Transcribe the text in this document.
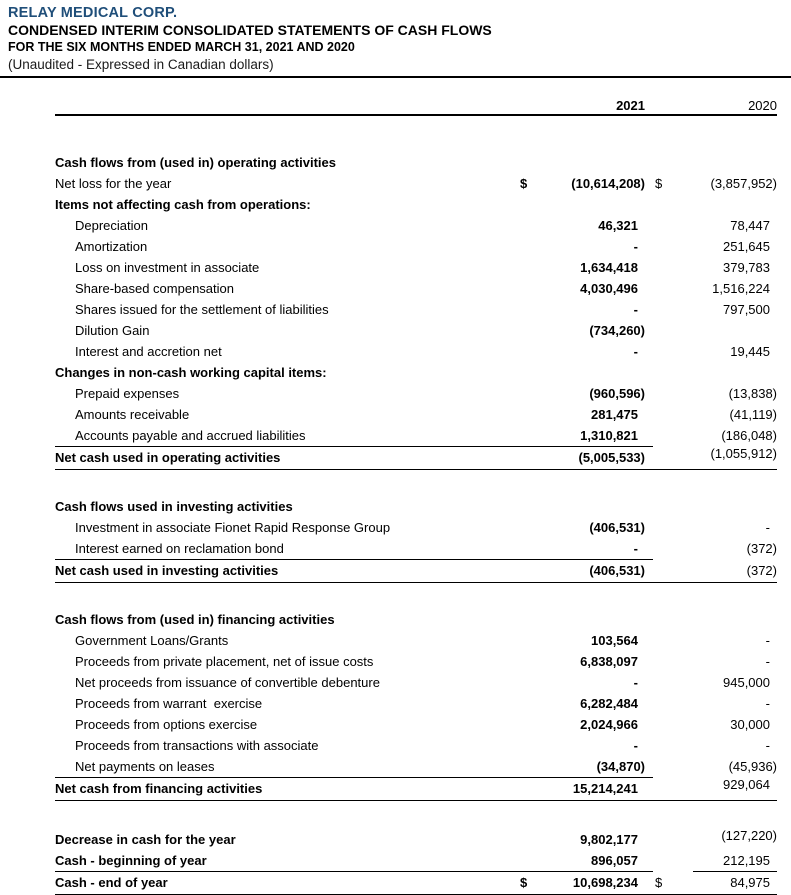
RELAY MEDICAL CORP.
CONDENSED INTERIM CONSOLIDATED STATEMENTS OF CASH FLOWS
FOR THE SIX MONTHS ENDED MARCH 31, 2021 AND 2020
(Unaudited - Expressed in Canadian dollars)
2021	2020
Cash flows from (used in) operating activities
Net loss for the year	$	(10,614,208) $	(3,857,952)
Items not affecting cash from operations:
Depreciation	46,321	78,447
Amortization	-	251,645
Loss on investment in associate	1,634,418	379,783
Share-based compensation	4,030,496	1,516,224
Shares issued for the settlement of liabilities	-	797,500
Dilution Gain	(734,260)
Interest and accretion net	-	19,445
Changes in non-cash working capital items:
Prepaid expenses	(960,596)	(13,838)
Amounts receivable	281,475	(41,119)
Accounts payable and accrued liabilities	1,310,821	(186,048)
Net cash used in operating activities	(5,005,533)	(1,055,912)
Cash flows used in investing activities
Investment in associate Fionet Rapid Response Group	(406,531)	-
Interest earned on reclamation bond	-	(372)
Net cash used in investing activities	(406,531)	(372)
Cash flows from (used in) financing activities
Government Loans/Grants	103,564	-
Proceeds from private placement, net of issue costs	6,838,097	-
Net proceeds from issuance of convertible debenture	-	945,000
Proceeds from warrant  exercise	6,282,484	-
Proceeds from options exercise	2,024,966	30,000
Proceeds from transactions with associate	-	-
Net payments on leases	(34,870)	(45,936)
Net cash from financing activities	15,214,241	929,064
Decrease in cash for the year	9,802,177	(127,220)
Cash - beginning of year	896,057	212,195
Cash - end of year	$	10,698,234	$	84,975
